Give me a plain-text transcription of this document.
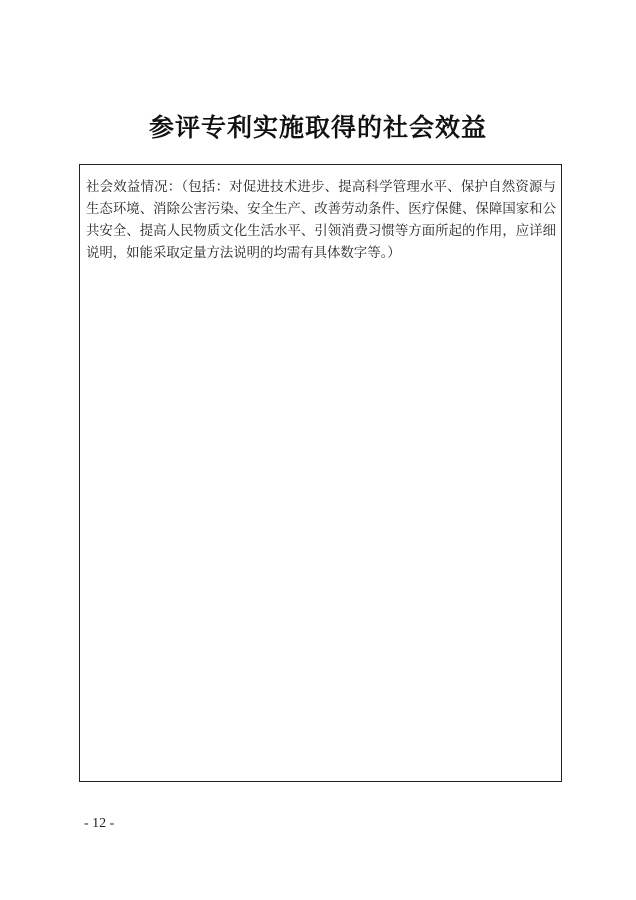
参评专利实施取得的社会效益
社会效益情况：（包括：对促进技术进步、提高科学管理水平、保护自然资源与生态环境、消除公害污染、安全生产、改善劳动条件、医疗保健、保障国家和公共安全、提高人民物质文化生活水平、引领消费习惯等方面所起的作用，应详细说明，如能采取定量方法说明的均需有具体数字等。）
- 12 -
